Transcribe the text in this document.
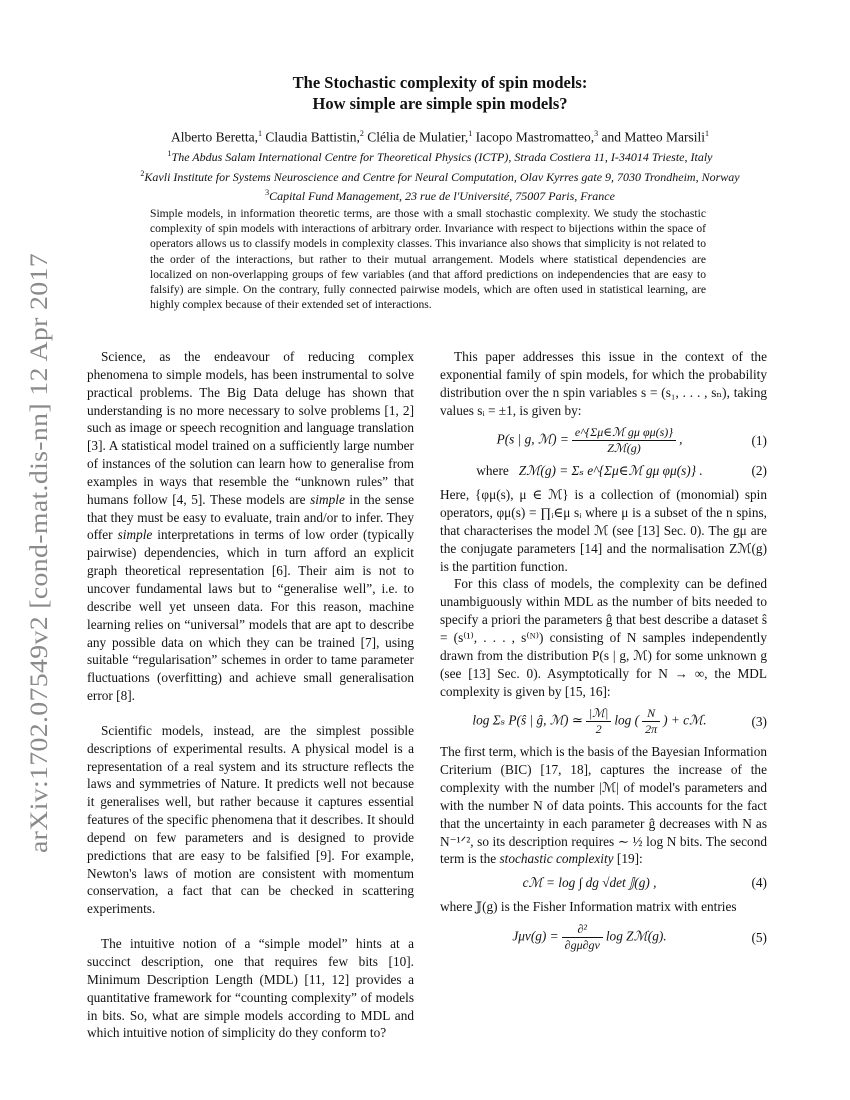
arXiv:1702.07549v2 [cond-mat.dis-nn] 12 Apr 2017
The Stochastic complexity of spin models:
How simple are simple spin models?
Alberto Beretta,$^1$ Claudia Battistin,$^2$ Clélia de Mulatier,$^1$ Iacopo Mastromatteo,$^3$ and Matteo Marsili$^1$
$^1$The Abdus Salam International Centre for Theoretical Physics (ICTP), Strada Costiera 11, I-34014 Trieste, Italy
$^2$Kavli Institute for Systems Neuroscience and Centre for Neural Computation, Olav Kyrres gate 9, 7030 Trondheim, Norway
$^3$Capital Fund Management, 23 rue de l'Université, 75007 Paris, France
Simple models, in information theoretic terms, are those with a small stochastic complexity. We study the stochastic complexity of spin models with interactions of arbitrary order. Invariance with respect to bijections within the space of operators allows us to classify models in complexity classes. This invariance also shows that simplicity is not related to the order of the interactions, but rather to their mutual arrangement. Models where statistical dependencies are localized on non-overlapping groups of few variables (and that afford predictions on independencies that are easy to falsify) are simple. On the contrary, fully connected pairwise models, which are often used in statistical learning, are highly complex because of their extended set of interactions.

Science, as the endeavour of reducing complex phenomena to simple models, has been instrumental to solve practical problems. The Big Data deluge has shown that understanding is no more necessary to solve problems [1, 2] such as image or speech recognition and language translation [3]. A statistical model trained on a sufficiently large number of instances of the solution can learn how to generalise from examples in ways that resemble the “unknown rules” that humans follow [4, 5]. These models are simple in the sense that they must be easy to evaluate, train and/or to infer. They offer simple interpretations in terms of low order (typically pairwise) dependencies, which in turn afford an explicit graph theoretical representation [6]. Their aim is not to uncover fundamental laws but to “generalise well”, i.e. to describe well yet unseen data. For this reason, machine learning relies on “universal” models that are apt to describe any possible data on which they can be trained [7], using suitable “regularisation” schemes in order to tame parameter fluctuations (overfitting) and achieve small generalisation error [8].

Scientific models, instead, are the simplest possible descriptions of experimental results. A physical model is a representation of a real system and its structure reflects the laws and symmetries of Nature. It predicts well not because it generalises well, but rather because it captures essential features of the specific phenomena that it describes. It should depend on few parameters and is designed to provide predictions that are easy to be falsified [9]. For example, Newton's laws of motion are consistent with momentum conservation, a fact that can be checked in scattering experiments.

The intuitive notion of a “simple model” hints at a succinct description, one that requires few bits [10]. Minimum Description Length (MDL) [11, 12] provides a quantitative framework for “counting complexity” of models in bits. So, what are simple models according to MDL and which intuitive notion of simplicity do they conform to?

This paper addresses this issue in the context of the exponential family of spin models, for which the probability distribution over the n spin variables s = (s₁, . . . , sₙ), taking values sᵢ = ±1, is given by:

P(s | g, ℳ) = $\frac{\text{e\textasciicircum{}\{Σμ∈ℳ gμ φμ(s)\}}}{\text{Zℳ(g)}}$ ,	(1)
where Zℳ(g) = Σₛ e^{Σμ∈ℳ gμ φμ(s)} .	(2)

Here, {φμ(s), μ ∈ ℳ} is a collection of (monomial) spin operators, φμ(s) = ∏ᵢ∈μ sᵢ where μ is a subset of the n spins, that characterises the model ℳ (see [13] Sec. 0). The gμ are the conjugate parameters [14] and the normalisation Zℳ(g) is the partition function.

For this class of models, the complexity can be defined unambiguously within MDL as the number of bits needed to specify a priori the parameters ĝ that best describe a dataset ŝ = (s⁽¹⁾, . . . , s⁽ᴺ⁾) consisting of N samples independently drawn from the distribution P(s | g, ℳ) for some unknown g (see [13] Sec. 0). Asymptotically for N → ∞, the MDL complexity is given by [15, 16]:

log Σₛ P(ŝ | ĝ, ℳ) ≃ $\frac{\text{|ℳ|}}{2}$ log ( $\frac{N}{2\pi}$ ) + cℳ.	(3)

The first term, which is the basis of the Bayesian Information Criterium (BIC) [17, 18], captures the increase of the complexity with the number |ℳ| of model's parameters and with the number N of data points. This accounts for the fact that the uncertainty in each parameter ĝ decreases with N as N⁻¹ᐟ², so its description requires ∼ ½ log N bits. The second term is the stochastic complexity [19]:

cℳ = log ∫ dg √det 𝕁(g) ,	(4)

where 𝕁(g) is the Fisher Information matrix with entries

$J\mu\nu(g) = \frac{\text{∂²}}{\partial g\mu\partial g\nu}$ log Zℳ(g).	(5)
